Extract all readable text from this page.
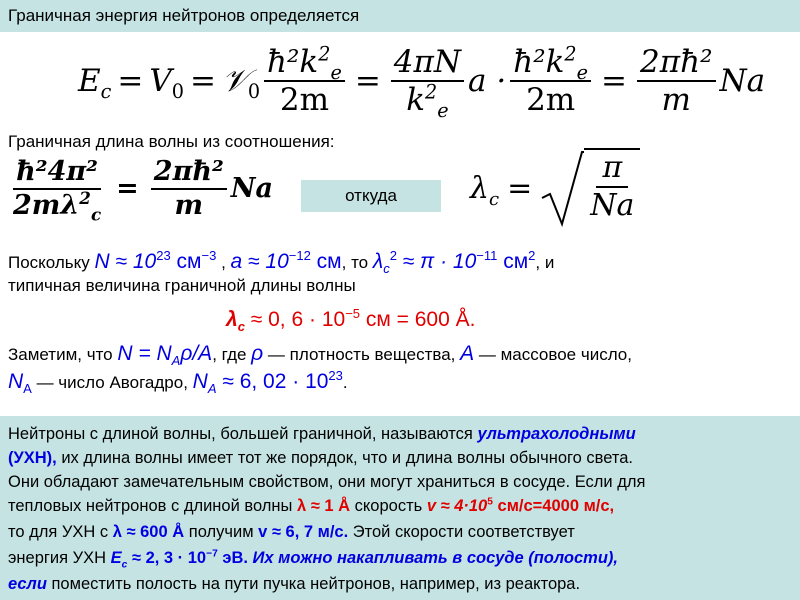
Граничная энергия нейтронов определяется
$E_c = V_0$ = 𝒱$_0$ $\frac{ħ^2k^2_e}{2m} = \frac{4\pi N}{k^2_e}$ $a \cdot \frac{ħ^2k^2_e}{2m} = \frac{\text{2πħ²}}{m}$ Na
Граничная длина волны из соотношения:
$\frac{\text{ħ²4π²}}{2m\lambda^2_c} = \frac{\text{2πħ²}}{m}$ Na	откуда	$\lambda_c$ =
π
Na
Поскольку $N \approx 10^{23}$ $см^{-3}$ , $a \approx 10^{-12}$ см, то $\lambda_c^2 \approx \pi \cdot 10^{-11}$ $см^2$, и
типичная величина граничной длины волны
$\lambda_c \approx 0$, $6 \cdot 10^{-5}$ см = 600 Å.
Заметим, что $N = N_A\rho/A$, где ρ — плотность вещества, A — массовое число,
$N_A$ — число Авогадро, $N_A \approx 6$, $02 \cdot 10^{23}$.
Нейтроны с длиной волны, большей граничной, называются ультрахолодными
(УХН), их длина волны имеет тот же порядок, что и длина волны обычного света.
Они обладают замечательным свойством, они могут храниться в сосуде. Если для
тепловых нейтронов с длиной волны λ ≈ 1 Å скорость $v \approx 4\cdot 10^5$ см/с=4000 м/с,
то для УХН с λ ≈ 600 Å получим v ≈ 6, 7 м/с. Этой скорости соответствует
энергия УХН $E_c \approx 2$, $3 \cdot 10^{-7}$ эВ. Их можно накапливать в сосуде (полости),
если поместить полость на пути пучка нейтронов, например, из реактора.
